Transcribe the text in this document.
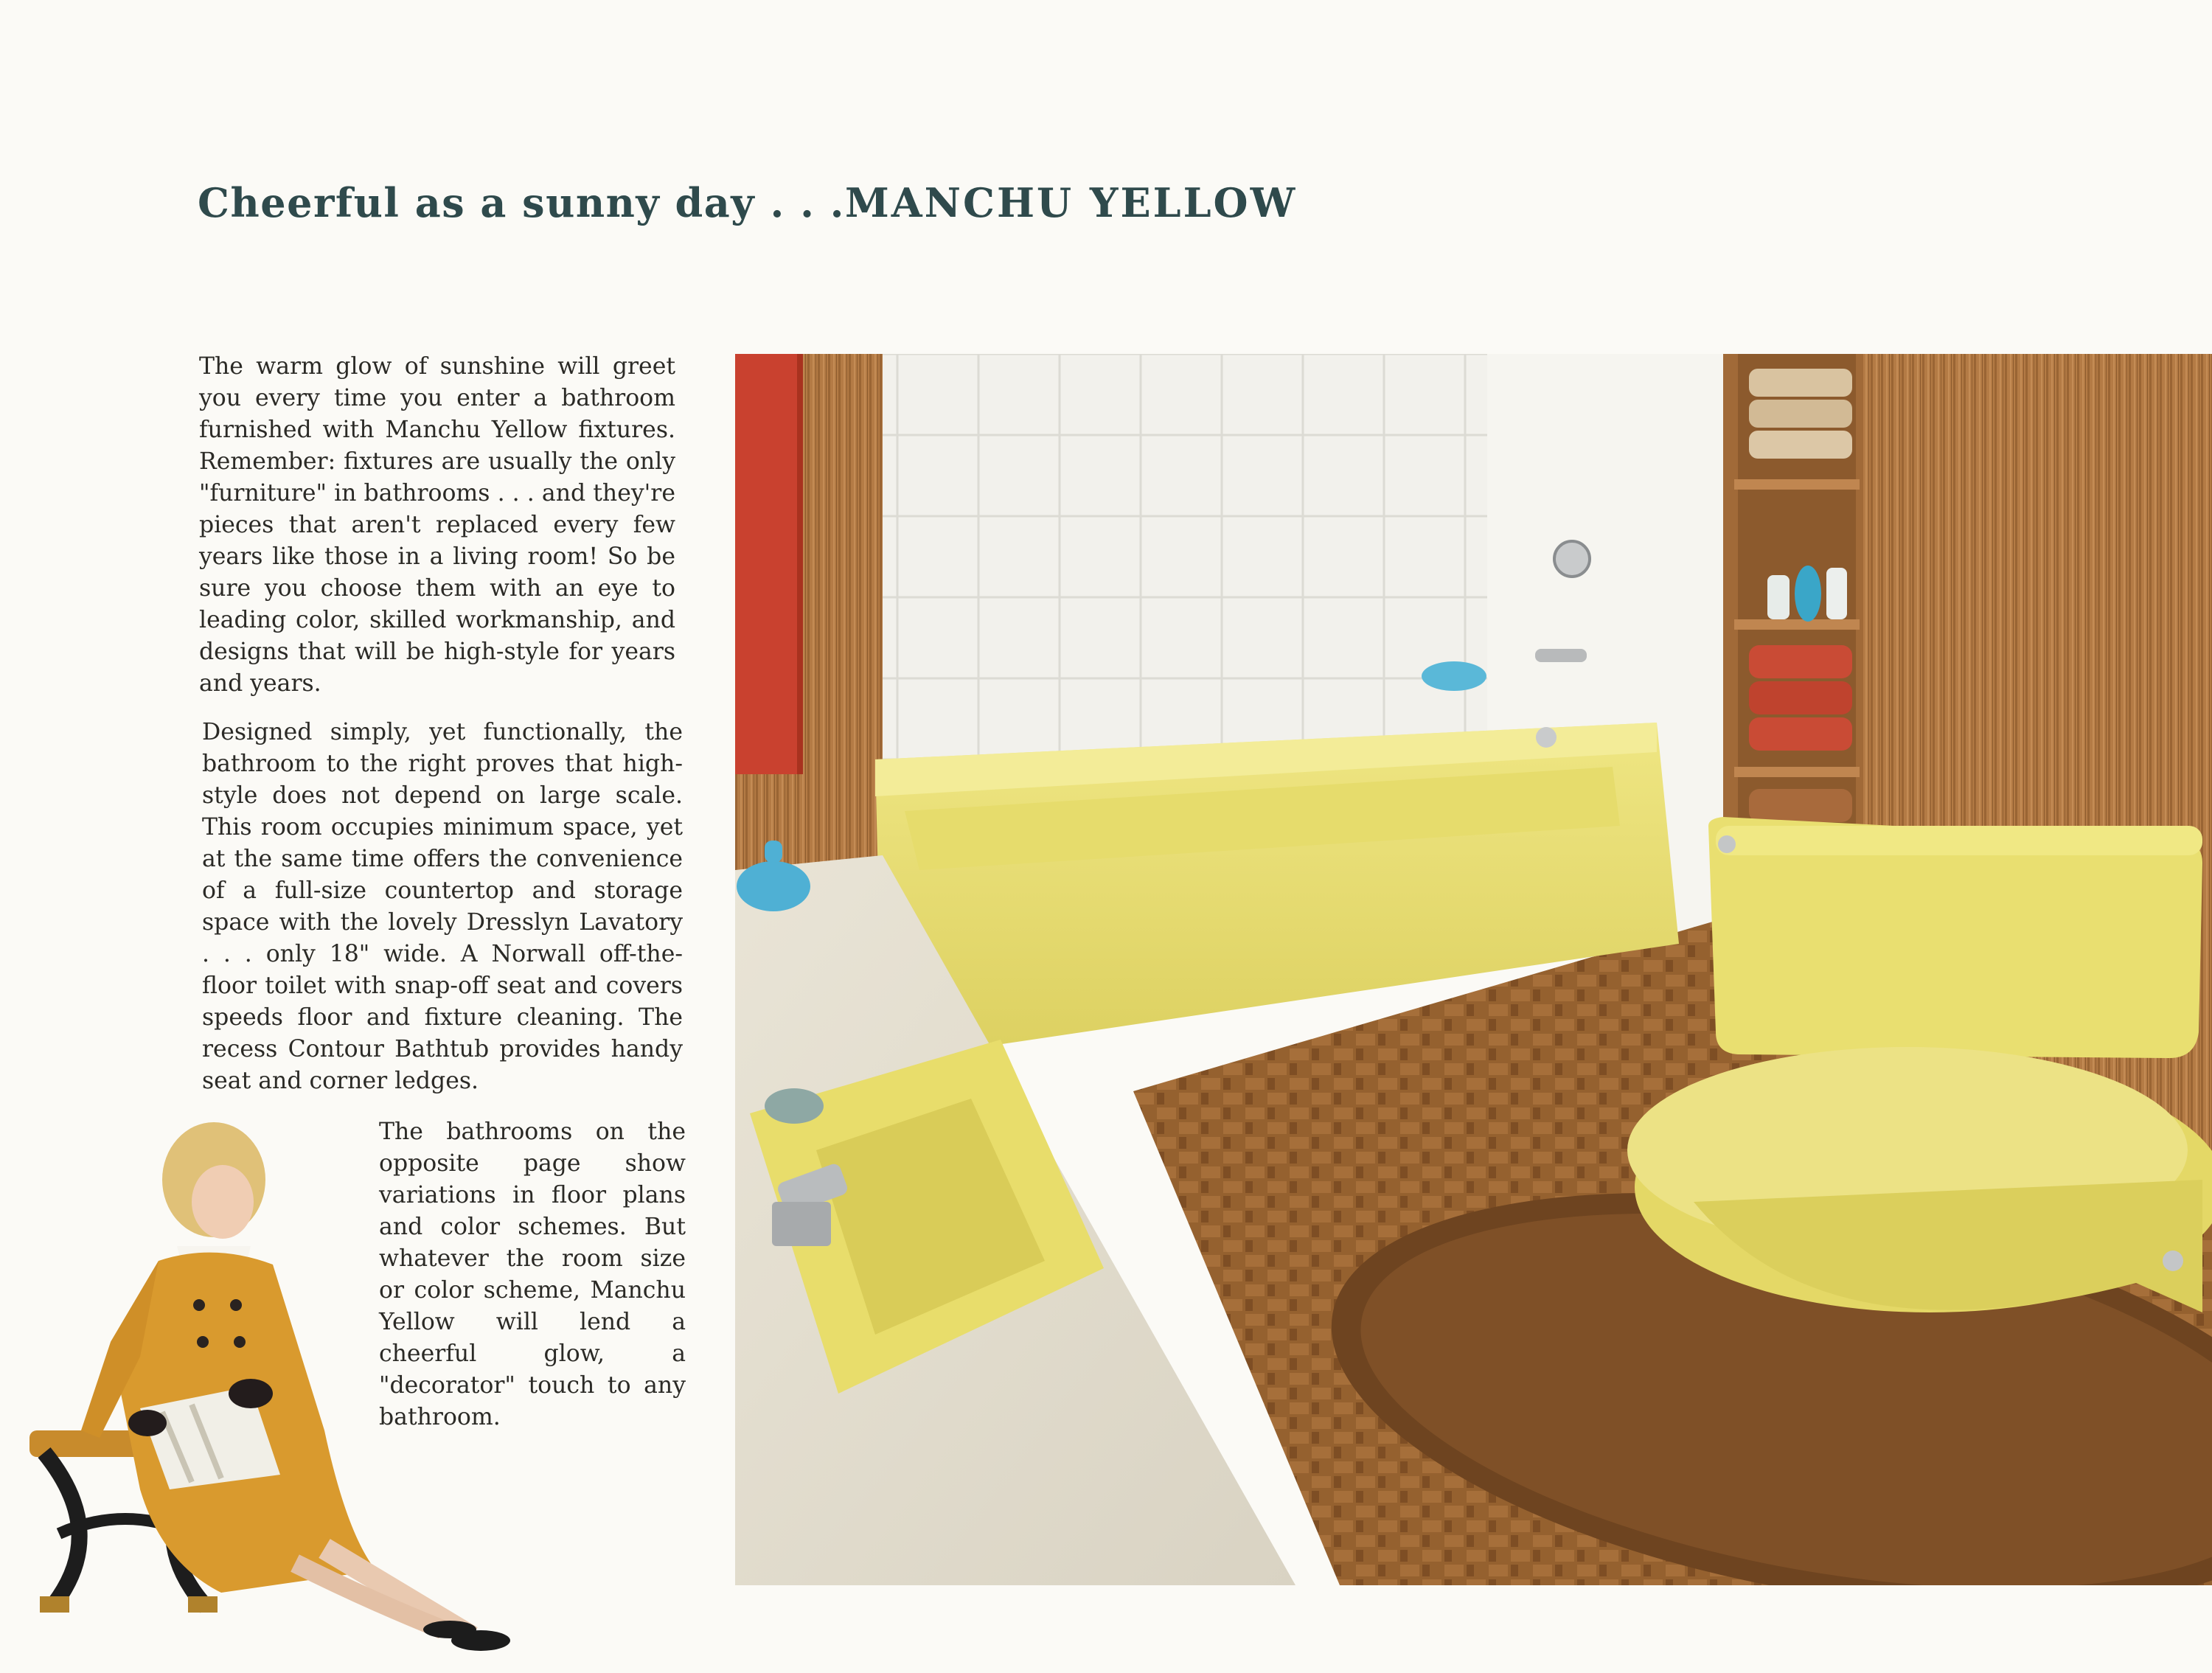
Cheerful as a sunny day . . .MANCHU YELLOW

The warm glow of sunshine will greet you every time you enter a bathroom furnished with Manchu Yellow fixtures. Remember: fixtures are usually the only "furniture" in bathrooms . . . and they're pieces that aren't replaced every few years like those in a living room! So be sure you choose them with an eye to leading color, skilled workmanship, and designs that will be high-style for years and years.

Designed simply, yet functionally, the bathroom to the right proves that high-style does not depend on large scale. This room occupies minimum space, yet at the same time offers the convenience of a full-size countertop and storage space with the lovely Dresslyn Lavatory . . . only 18" wide. A Norwall off-the-floor toilet with snap-off seat and covers speeds floor and fixture cleaning. The recess Contour Bathtub provides handy seat and corner ledges.

The bathrooms on the opposite page show variations in floor plans and color schemes. But whatever the room size or color scheme, Manchu Yellow will lend a cheerful glow, a "decorator" touch to any bathroom.
